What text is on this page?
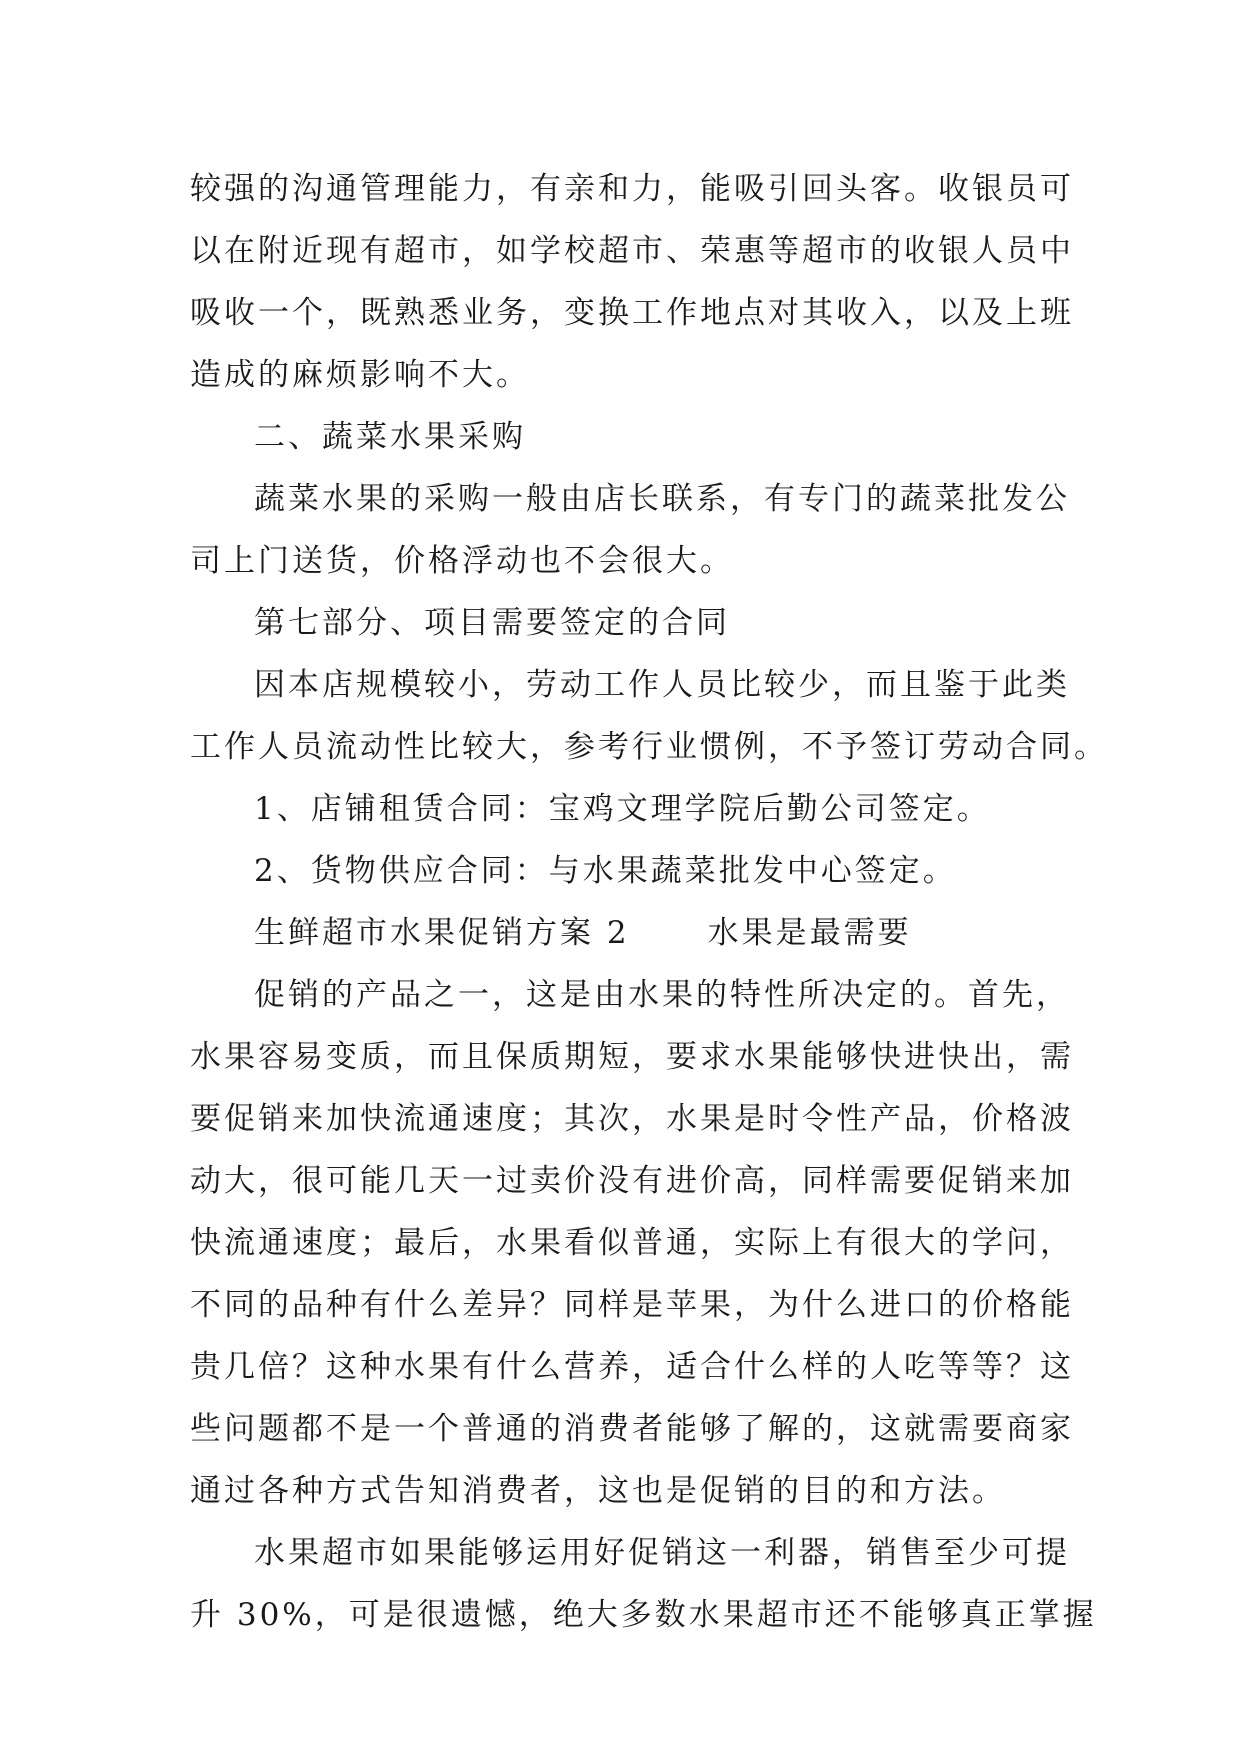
较强的沟通管理能力，有亲和力，能吸引回头客。收银员可
以在附近现有超市，如学校超市、荣惠等超市的收银人员中
吸收一个，既熟悉业务，变换工作地点对其收入，以及上班
造成的麻烦影响不大。
二、蔬菜水果采购
蔬菜水果的采购一般由店长联系，有专门的蔬菜批发公
司上门送货，价格浮动也不会很大。
第七部分、项目需要签定的合同
因本店规模较小，劳动工作人员比较少，而且鉴于此类
工作人员流动性比较大，参考行业惯例，不予签订劳动合同。
1、店铺租赁合同：宝鸡文理学院后勤公司签定。
2、货物供应合同：与水果蔬菜批发中心签定。
生鲜超市水果促销方案 2	水果是最需要
促销的产品之一，这是由水果的特性所决定的。首先，
水果容易变质，而且保质期短，要求水果能够快进快出，需
要促销来加快流通速度；其次，水果是时令性产品，价格波
动大，很可能几天一过卖价没有进价高，同样需要促销来加
快流通速度；最后，水果看似普通，实际上有很大的学问，
不同的品种有什么差异？同样是苹果，为什么进口的价格能
贵几倍？这种水果有什么营养，适合什么样的人吃等等？这
些问题都不是一个普通的消费者能够了解的，这就需要商家
通过各种方式告知消费者，这也是促销的目的和方法。
水果超市如果能够运用好促销这一利器，销售至少可提
升 30%，可是很遗憾，绝大多数水果超市还不能够真正掌握
